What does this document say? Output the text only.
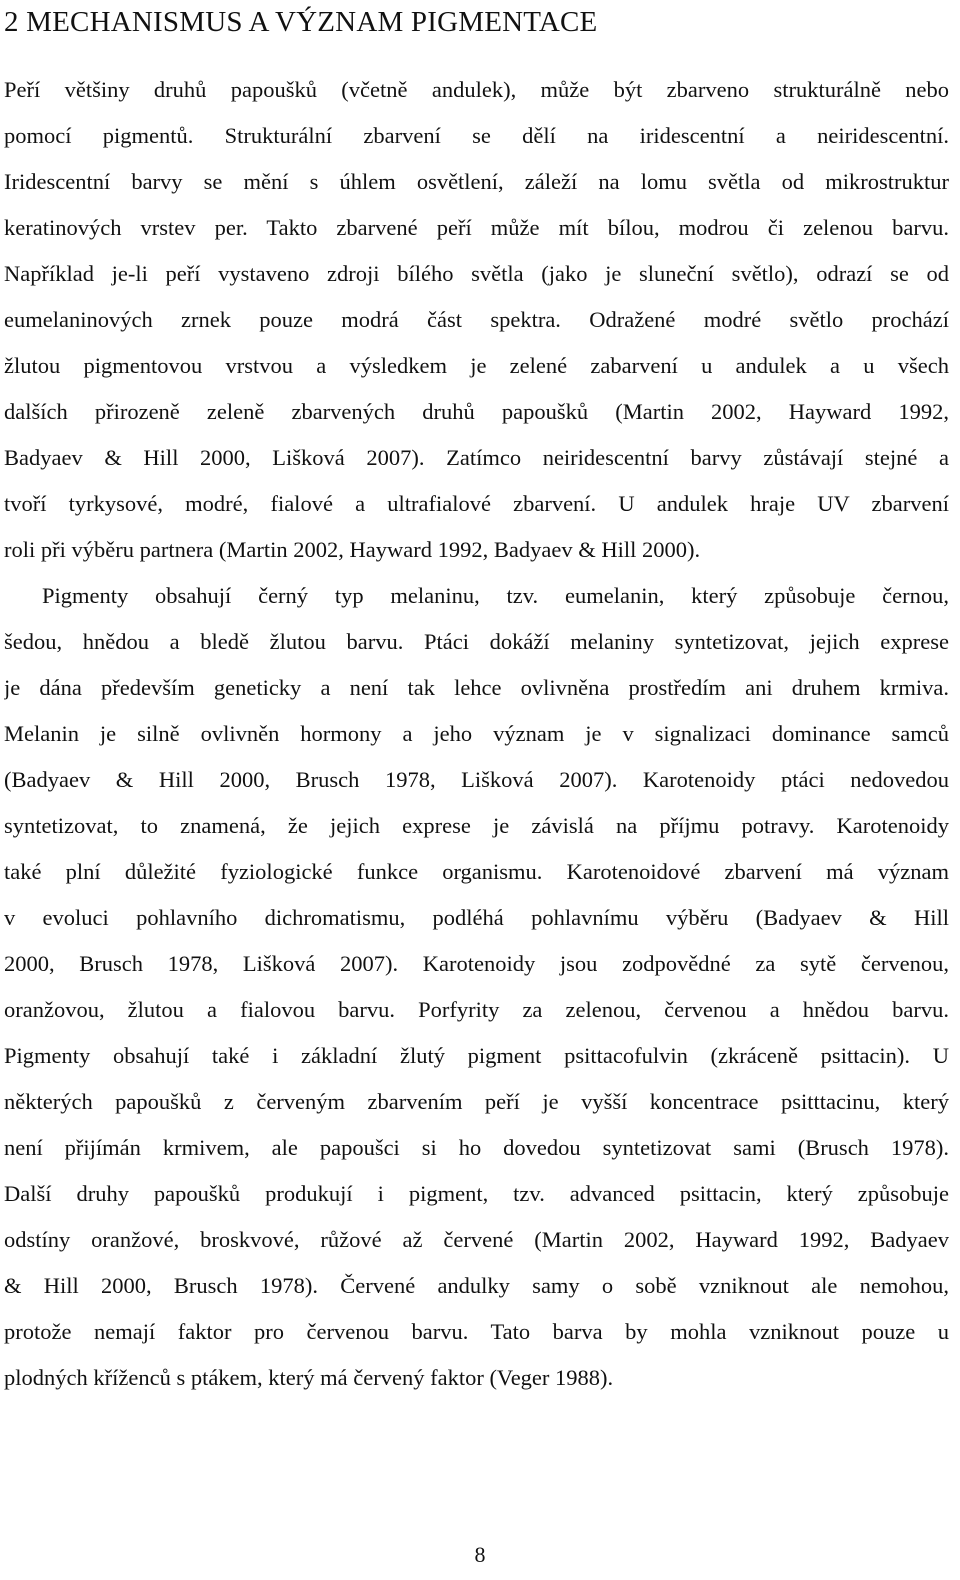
2 MECHANISMUS A VÝZNAM PIGMENTACE
Peří většiny druhů papoušků (včetně andulek), může být zbarveno strukturálně nebo
pomocí pigmentů. Strukturální zbarvení se dělí na iridescentní a neiridescentní.
Iridescentní barvy se mění s úhlem osvětlení, záleží na lomu světla od mikrostruktur
keratinových vrstev per. Takto zbarvené peří může mít bílou, modrou či zelenou barvu.
Například je-li peří vystaveno zdroji bílého světla (jako je sluneční světlo), odrazí se od
eumelaninových zrnek pouze modrá část spektra. Odražené modré světlo prochází
žlutou pigmentovou vrstvou a výsledkem je zelené zabarvení u andulek a u všech
dalších přirozeně zeleně zbarvených druhů papoušků (Martin 2002, Hayward 1992,
Badyaev & Hill 2000, Lišková 2007). Zatímco neiridescentní barvy zůstávají stejné a
tvoří tyrkysové, modré, fialové a ultrafialové zbarvení. U andulek hraje UV zbarvení
roli při výběru partnera (Martin 2002, Hayward 1992, Badyaev & Hill 2000).
Pigmenty obsahují černý typ melaninu, tzv. eumelanin, který způsobuje černou,
šedou, hnědou a bledě žlutou barvu. Ptáci dokáží melaniny syntetizovat, jejich exprese
je dána především geneticky a není tak lehce ovlivněna prostředím ani druhem krmiva.
Melanin je silně ovlivněn hormony a jeho význam je v signalizaci dominance samců
(Badyaev & Hill 2000, Brusch 1978, Lišková 2007). Karotenoidy ptáci nedovedou
syntetizovat, to znamená, že jejich exprese je závislá na příjmu potravy. Karotenoidy
také plní důležité fyziologické funkce organismu. Karotenoidové zbarvení má význam
v evoluci pohlavního dichromatismu, podléhá pohlavnímu výběru (Badyaev & Hill
2000, Brusch 1978, Lišková 2007). Karotenoidy jsou zodpovědné za sytě červenou,
oranžovou, žlutou a fialovou barvu. Porfyrity za zelenou, červenou a hnědou barvu.
Pigmenty obsahují také i základní žlutý pigment psittacofulvin (zkráceně psittacin). U
některých papoušků z červeným zbarvením peří je vyšší koncentrace psitttacinu, který
není přijímán krmivem, ale papoušci si ho dovedou syntetizovat sami (Brusch 1978).
Další druhy papoušků produkují i pigment, tzv. advanced psittacin, který způsobuje
odstíny oranžové, broskvové, růžové až červené (Martin 2002, Hayward 1992, Badyaev
& Hill 2000, Brusch 1978). Červené andulky samy o sobě vzniknout ale nemohou,
protože nemají faktor pro červenou barvu. Tato barva by mohla vzniknout pouze u
plodných kříženců s ptákem, který má červený faktor (Veger 1988).
8
